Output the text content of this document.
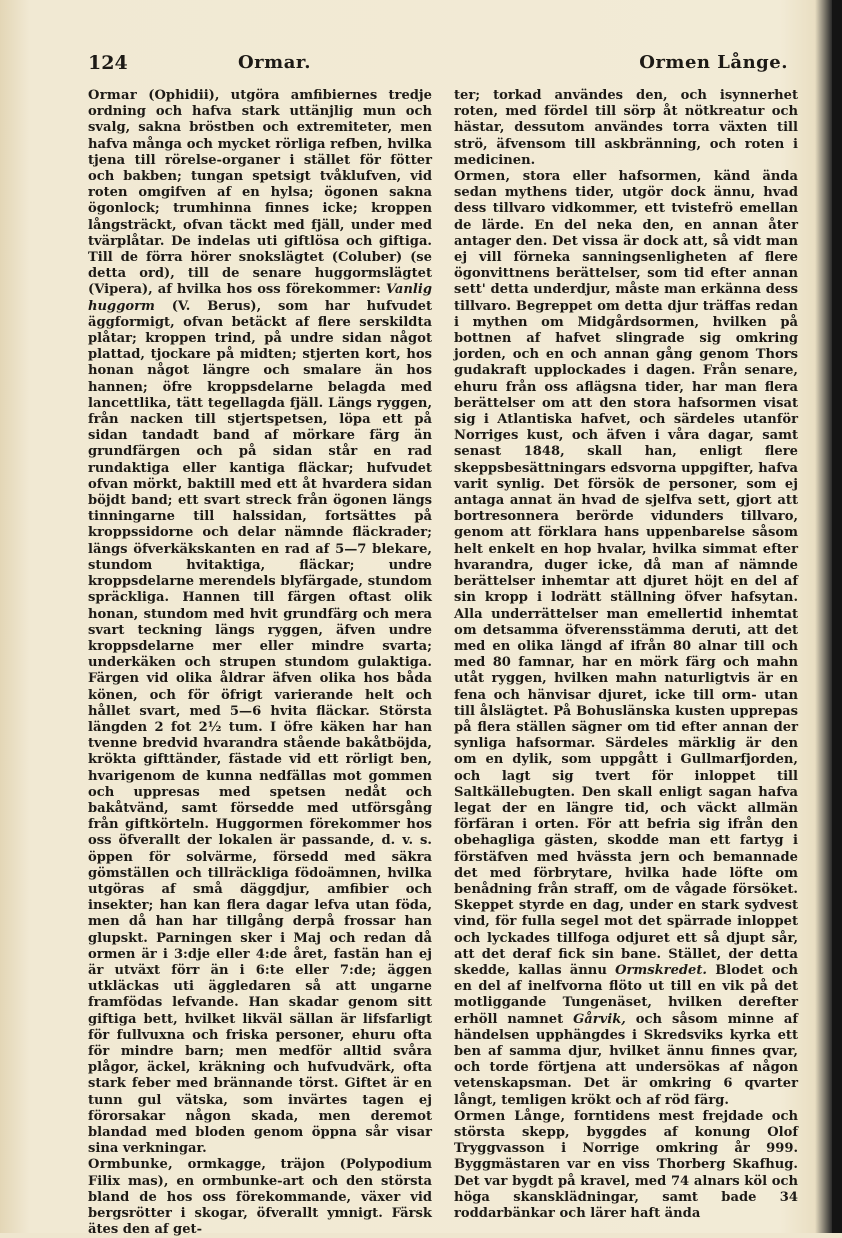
124	Ormar.	Ormen Långe.

Ormar (Ophidii), utgöra amfibiernes tredje ordning och hafva stark uttänjlig mun och svalg, sakna bröstben och extremiteter, men hafva många och mycket rörliga refben, hvilka tjena till rörelse-organer i stället för fötter och bakben; tungan spetsigt tvåklufven, vid roten omgifven af en hylsa; ögonen sakna ögonlock; trumhinna finnes icke; kroppen långsträckt, ofvan täckt med fjäll, under med tvärplåtar. De indelas uti giftlösa och giftiga. Till de förra hörer snokslägtet (Coluber) (se detta ord), till de senare huggormslägtet (Vipera), af hvilka hos oss förekommer: Vanlig huggorm (V. Berus), som har hufvudet äggformigt, ofvan betäckt af flere serskildta plåtar; kroppen trind, på undre sidan något plattad, tjockare på midten; stjerten kort, hos honan något längre och smalare än hos hannen; öfre kroppsdelarne belagda med lancettlika, tätt tegellagda fjäll. Längs ryggen, från nacken till stjertspetsen, löpa ett på sidan tandadt band af mörkare färg än grundfärgen och på sidan står en rad rundaktiga eller kantiga fläckar; hufvudet ofvan mörkt, baktill med ett åt hvardera sidan böjdt band; ett svart streck från ögonen längs tinningarne till halssidan, fortsättes på kroppssidorne och delar nämnde fläckrader; längs öfverkäkskanten en rad af 5—7 blekare, stundom hvitaktiga, fläckar; undre kroppsdelarne merendels blyfärgade, stundom spräckliga. Hannen till färgen oftast olik honan, stundom med hvit grundfärg och mera svart teckning längs ryggen, äfven undre kroppsdelarne mer eller mindre svarta; underkäken och strupen stundom gulaktiga. Färgen vid olika åldrar äfven olika hos båda könen, och för öfrigt varierande helt och hållet svart, med 5—6 hvita fläckar. Största längden 2 fot 2½ tum. I öfre käken har han tvenne bredvid hvarandra stående bakåtböjda, krökta gifttänder, fästade vid ett rörligt ben, hvarigenom de kunna nedfällas mot gommen och uppresas med spetsen nedåt och bakåtvänd, samt försedde med utförsgång från giftkörteln. Huggormen förekommer hos oss öfverallt der lokalen är passande, d. v. s. öppen för solvärme, försedd med säkra gömställen och tillräckliga födoämnen, hvilka utgöras af små däggdjur, amfibier och insekter; han kan flera dagar lefva utan föda, men då han har tillgång derpå frossar han glupskt. Parningen sker i Maj och redan då ormen är i 3:dje eller 4:de året, fastän han ej är utväxt förr än i 6:te eller 7:de; äggen utkläckas uti äggledaren så att ungarne framfödas lefvande. Han skadar genom sitt giftiga bett, hvilket likväl sällan är lifsfarligt för fullvuxna och friska personer, ehuru ofta för mindre barn; men medför alltid svåra plågor, äckel, kräkning och hufvudvärk, ofta stark feber med brännande törst. Giftet är en tunn gul vätska, som invärtes tagen ej förorsakar någon skada, men deremot blandad med bloden genom öppna sår visar sina verkningar.

Ormbunke, ormkagge, träjon (Polypodium Filix mas), en ormbunke-art och den största bland de hos oss förekommande, växer vid bergsrötter i skogar, öfverallt ymnigt. Färsk ätes den af get-

ter; torkad användes den, och isynnerhet roten, med fördel till sörp åt nötkreatur och hästar, dessutom användes torra växten till strö, äfvensom till askbränning, och roten i medicinen.

Ormen, stora eller hafsormen, känd ända sedan mythens tider, utgör dock ännu, hvad dess tillvaro vidkommer, ett tvistefrö emellan de lärde. En del neka den, en annan åter antager den. Det vissa är dock att, så vidt man ej vill förneka sanningsenligheten af flere ögonvittnens berättelser, som tid efter annan sett' detta underdjur, måste man erkänna dess tillvaro. Begreppet om detta djur träffas redan i mythen om Midgårdsormen, hvilken på bottnen af hafvet slingrade sig omkring jorden, och en och annan gång genom Thors gudakraft upplockades i dagen. Från senare, ehuru från oss aflägsna tider, har man flera berättelser om att den stora hafsormen visat sig i Atlantiska hafvet, och särdeles utanför Norriges kust, och äfven i våra dagar, samt senast 1848, skall han, enligt flere skeppsbesättningars edsvorna uppgifter, hafva varit synlig. Det försök de personer, som ej antaga annat än hvad de sjelfva sett, gjort att bortresonnera berörde vidunders tillvaro, genom att förklara hans uppenbarelse såsom helt enkelt en hop hvalar, hvilka simmat efter hvarandra, duger icke, då man af nämnde berättelser inhemtar att djuret höjt en del af sin kropp i lodrätt ställning öfver hafsytan. Alla underrättelser man emellertid inhemtat om detsamma öfverensstämma deruti, att det med en olika längd af ifrån 80 alnar till och med 80 famnar, har en mörk färg och mahn utåt ryggen, hvilken mahn naturligtvis är en fena och hänvisar djuret, icke till orm- utan till ålslägtet. På Bohuslänska kusten upprepas på flera ställen sägner om tid efter annan der synliga hafsormar. Särdeles märklig är den om en dylik, som uppgått i Gullmarfjorden, och lagt sig tvert för inloppet till Saltkällebugten. Den skall enligt sagan hafva legat der en längre tid, och väckt allmän förfäran i orten. För att befria sig ifrån den obehagliga gästen, skodde man ett fartyg i förstäfven med hvässta jern och bemannade det med förbrytare, hvilka hade löfte om benådning från straff, om de vågade försöket. Skeppet styrde en dag, under en stark sydvest vind, för fulla segel mot det spärrade inloppet och lyckades tillfoga odjuret ett så djupt sår, att det deraf fick sin bane. Stället, der detta skedde, kallas ännu Ormskredet. Blodet och en del af inelfvorna flöto ut till en vik på det motliggande Tungenäset, hvilken derefter erhöll namnet Gårvik, och såsom minne af händelsen upphängdes i Skredsviks kyrka ett ben af samma djur, hvilket ännu finnes qvar, och torde förtjena att undersökas af någon vetenskapsman. Det är omkring 6 qvarter långt, temligen krökt och af röd färg.

Ormen Långe, forntidens mest frejdade och största skepp, byggdes af konung Olof Tryggvasson i Norrige omkring år 999. Byggmästaren var en viss Thorberg Skafhug. Det var bygdt på kravel, med 74 alnars köl och höga skansklädningar, samt bade 34 roddarbänkar och lärer haft ända
